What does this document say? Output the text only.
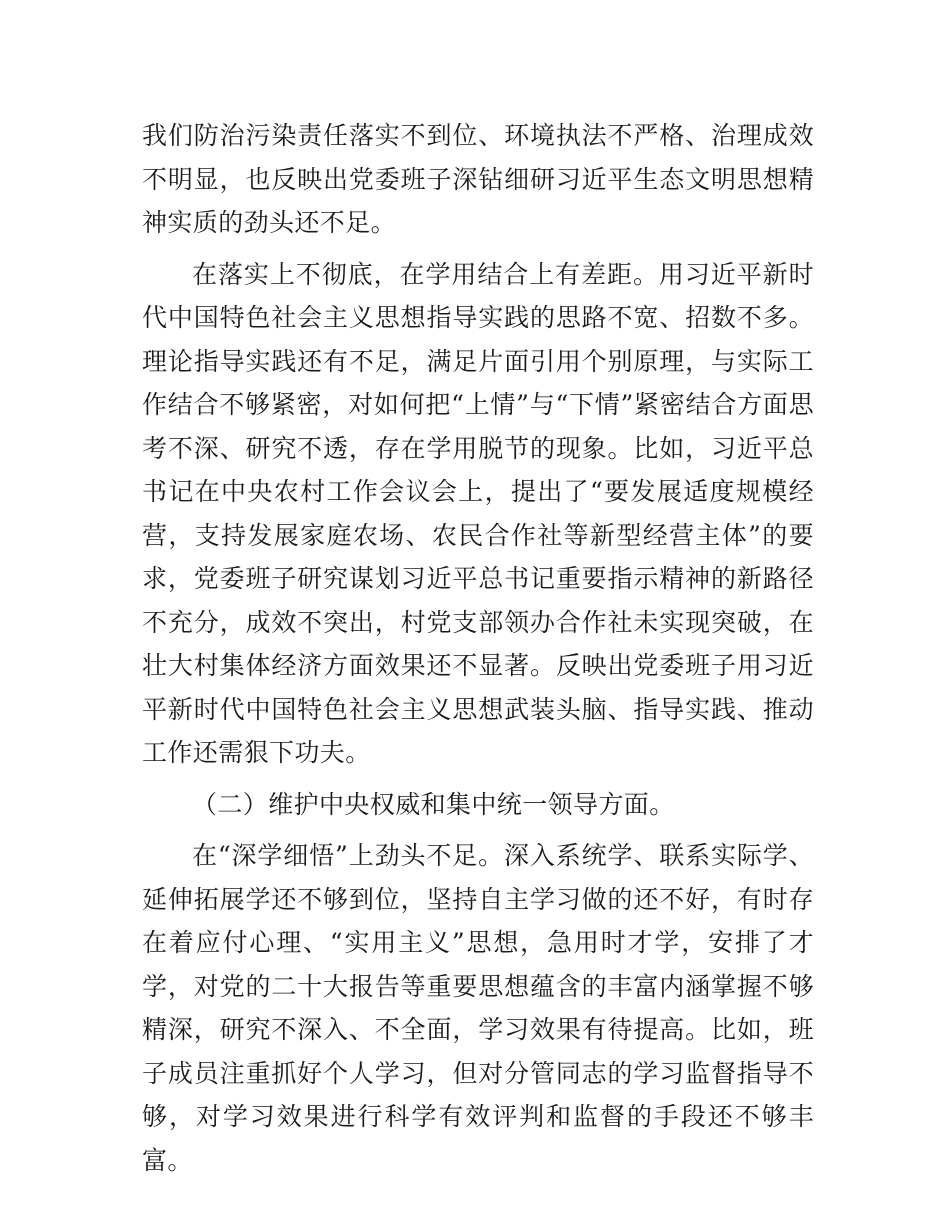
我们防治污染责任落实不到位、环境执法不严格、治理成效不明显，也反映出党委班子深钻细研习近平生态文明思想精神实质的劲头还不足。

在落实上不彻底，在学用结合上有差距。用习近平新时代中国特色社会主义思想指导实践的思路不宽、招数不多。理论指导实践还有不足，满足片面引用个别原理，与实际工作结合不够紧密，对如何把“上情”与“下情”紧密结合方面思考不深、研究不透，存在学用脱节的现象。比如，习近平总书记在中央农村工作会议会上，提出了“要发展适度规模经营，支持发展家庭农场、农民合作社等新型经营主体”的要求，党委班子研究谋划习近平总书记重要指示精神的新路径不充分，成效不突出，村党支部领办合作社未实现突破，在壮大村集体经济方面效果还不显著。反映出党委班子用习近平新时代中国特色社会主义思想武装头脑、指导实践、推动工作还需狠下功夫。

（二）维护中央权威和集中统一领导方面。

在“深学细悟”上劲头不足。深入系统学、联系实际学、延伸拓展学还不够到位，坚持自主学习做的还不好，有时存在着应付心理、“实用主义”思想，急用时才学，安排了才学，对党的二十大报告等重要思想蕴含的丰富内涵掌握不够精深，研究不深入、不全面，学习效果有待提高。比如，班子成员注重抓好个人学习，但对分管同志的学习监督指导不够，对学习效果进行科学有效评判和监督的手段还不够丰富。
